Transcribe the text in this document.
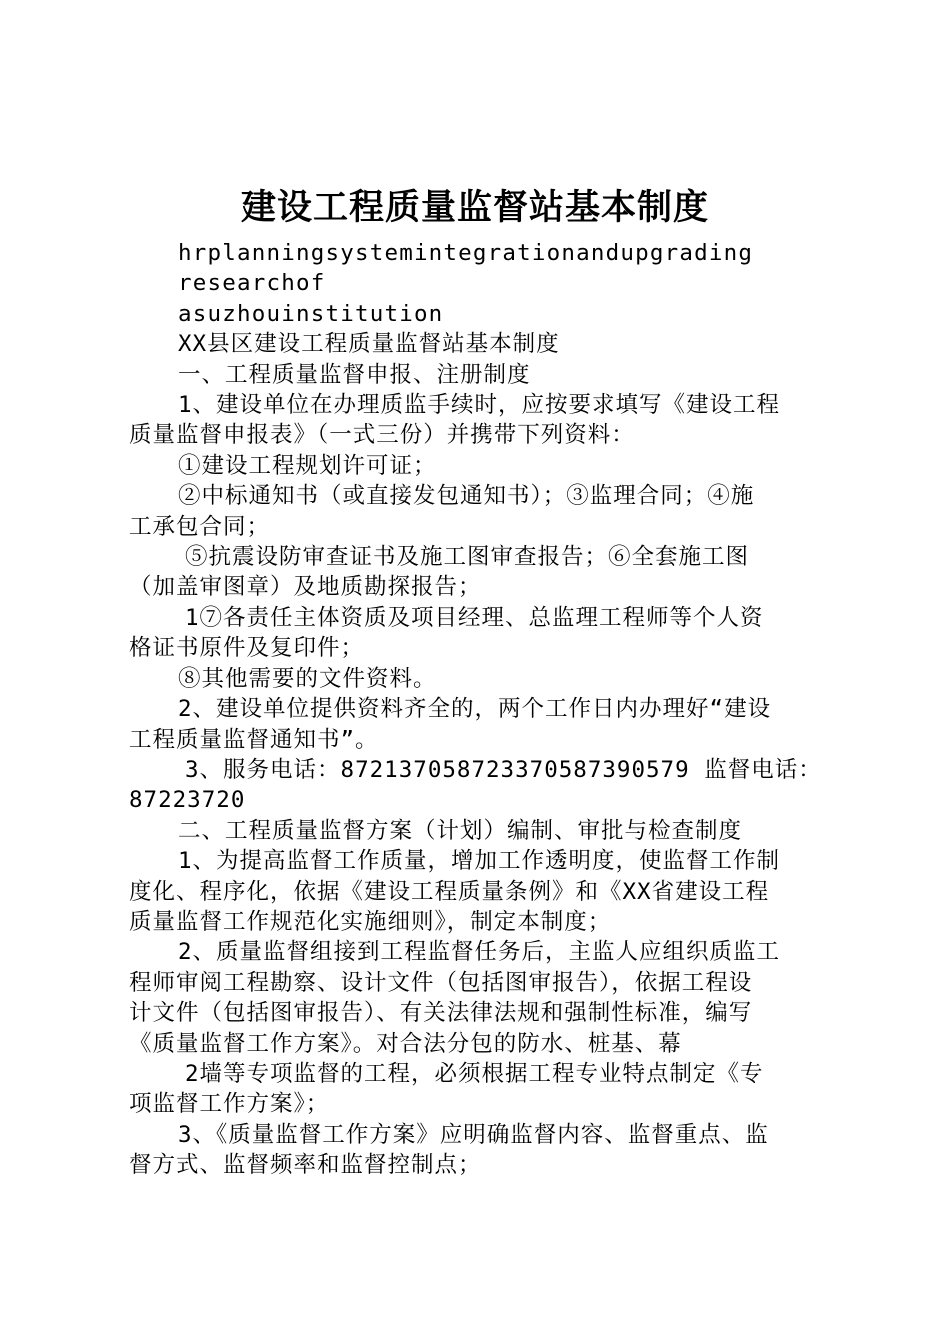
建设工程质量监督站基本制度
hrplanningsystemintegrationandupgrading
researchof
asuzhouinstitution
XX县区建设工程质量监督站基本制度
一、工程质量监督申报、注册制度
1、建设单位在办理质监手续时，应按要求填写《建设工程
质量监督申报表》（一式三份）并携带下列资料：
①建设工程规划许可证；
②中标通知书（或直接发包通知书）；③监理合同；④施
工承包合同；
⑤抗震设防审查证书及施工图审查报告；⑥全套施工图
（加盖审图章）及地质勘探报告；
1⑦各责任主体资质及项目经理、总监理工程师等个人资
格证书原件及复印件；
⑧其他需要的文件资料。
2、建设单位提供资料齐全的，两个工作日内办理好“建设
工程质量监督通知书”。
3、服务电话：87213705872337058739057​9 监督电话：
87223720
二、工程质量监督方案（计划）编制、审批与检查制度
1、为提高监督工作质量，增加工作透明度，使监督工作制
度化、程序化，依据《建设工程质量条例》和《XX省建设工程
质量监督工作规范化实施细则》，制定本制度；
2、质量监督组接到工程监督任务后，主监人应组织质监工
程师审阅工程勘察、设计文件（包括图审报告），依据工程设
计文件（包括图审报告）、有关法律法规和强制性标准，编写
《质量监督工作方案》。对合法分包的防水、桩基、幕
2墙等专项监督的工程，必须根据工程专业特点制定《专
项监督工作方案》；
3、《质量监督工作方案》应明确监督内容、监督重点、监
督方式、监督频率和监督控制点；
